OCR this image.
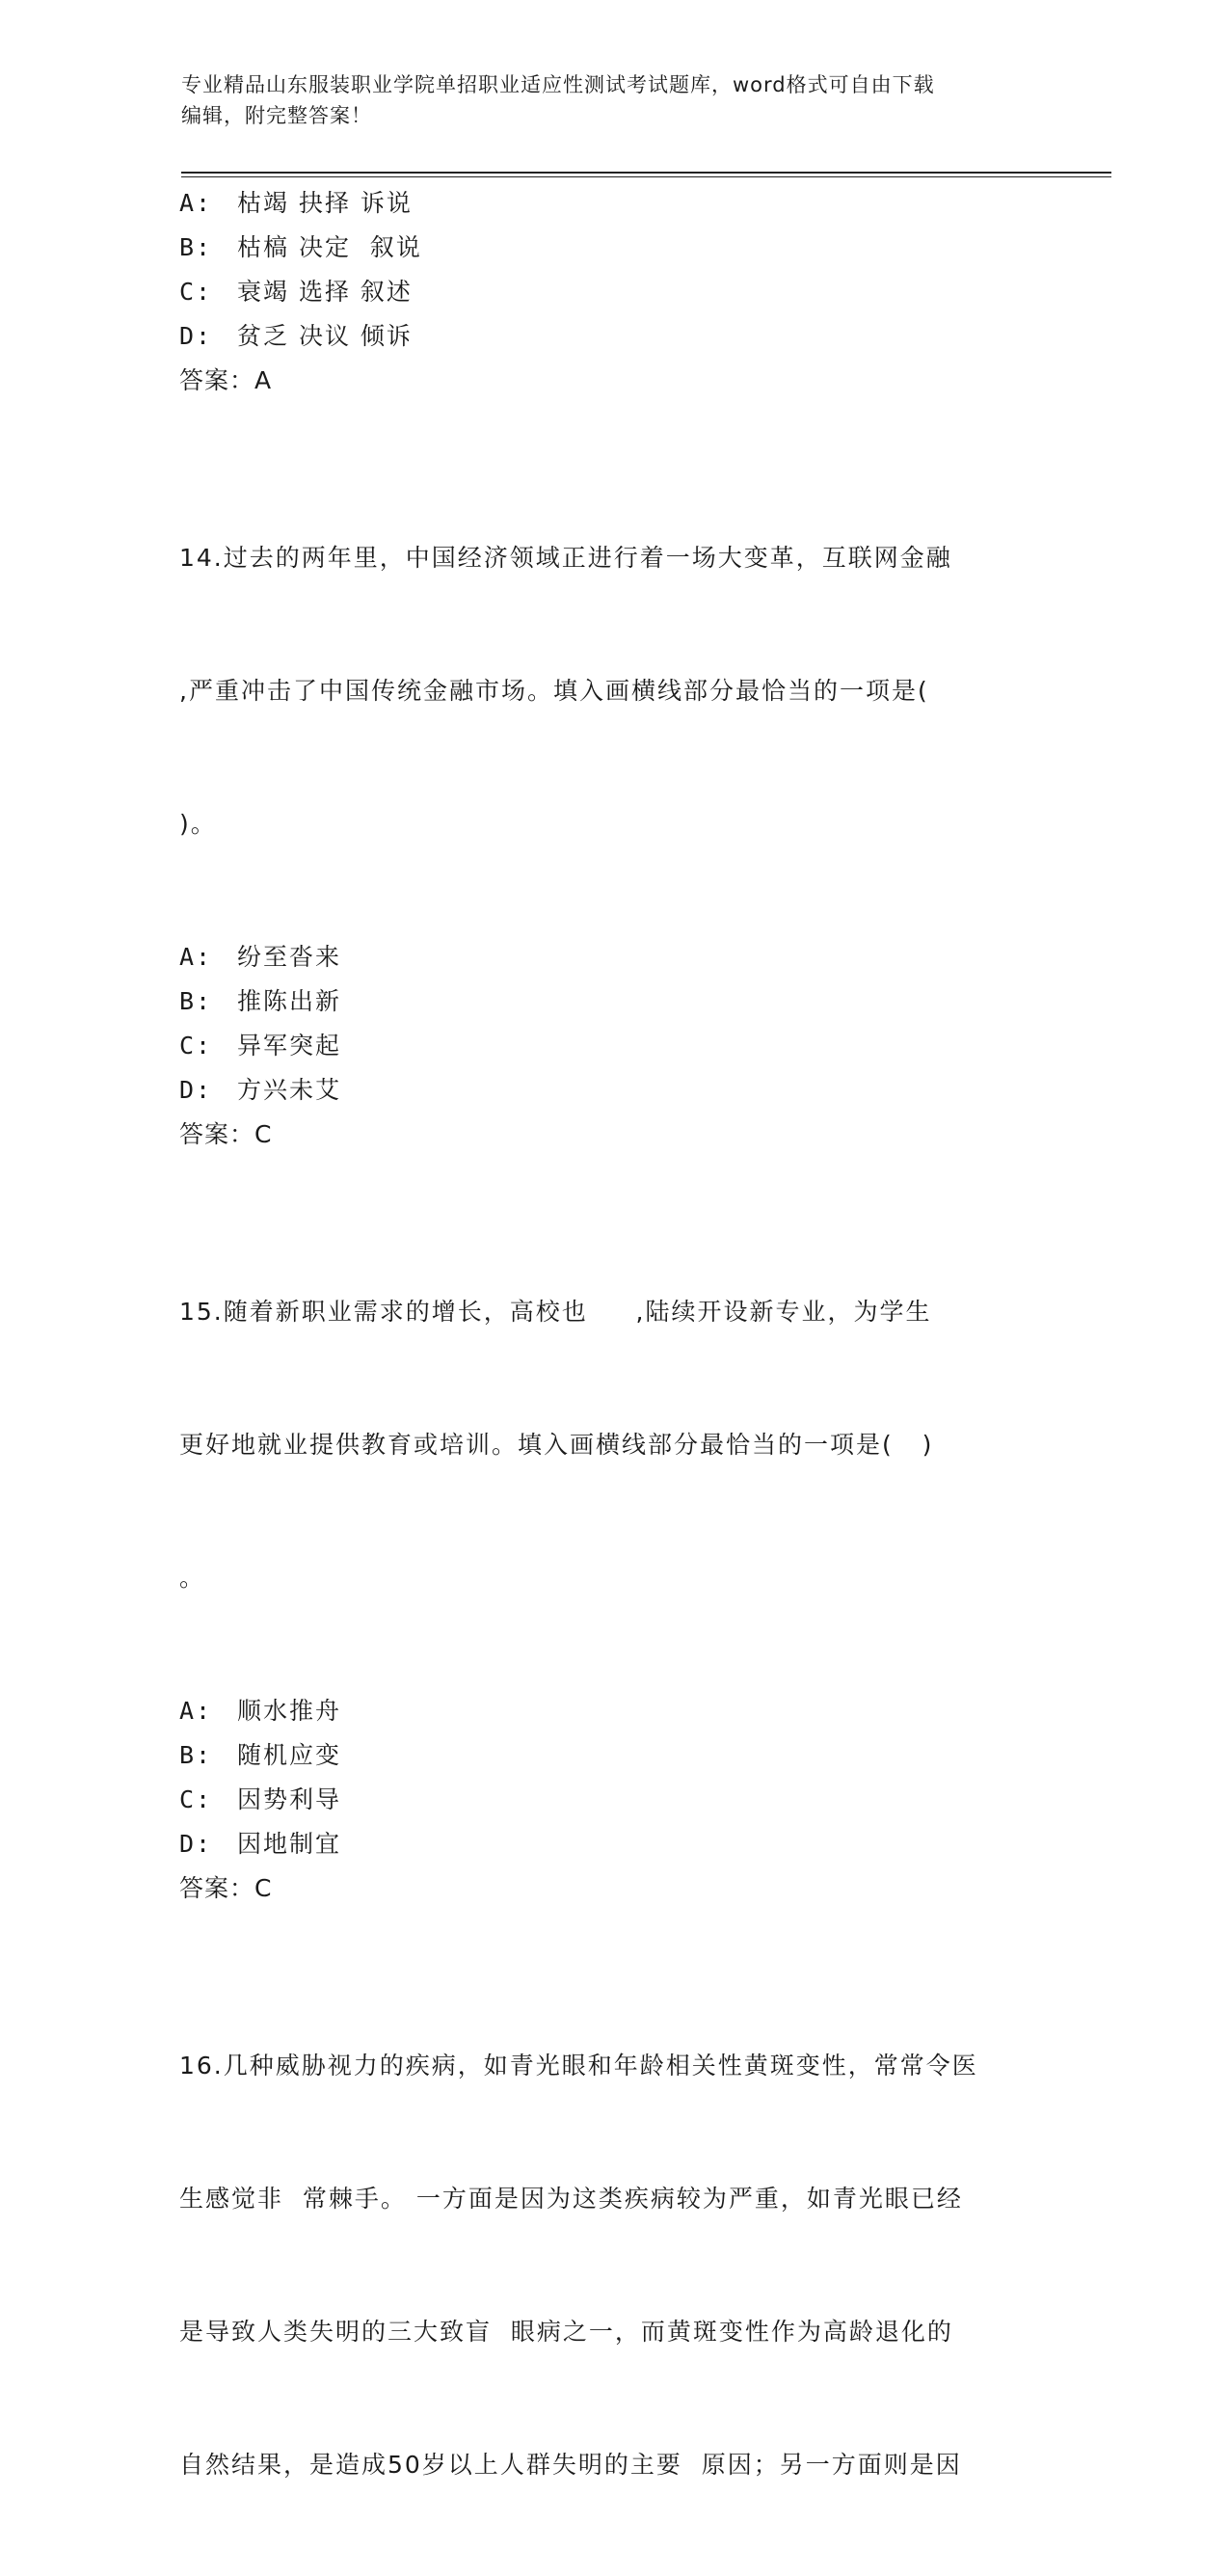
专业精品山东服装职业学院单招职业适应性测试考试题库，word格式可自由下载
编辑，附完整答案！
A: 枯竭 抉择 诉说
B: 枯槁 决定  叙说
C: 衰竭 选择 叙述
D: 贫乏 决议 倾诉
答案：A

14.过去的两年里，中国经济领域正进行着一场大变革，互联网金融

,严重冲击了中国传统金融市场。填入画横线部分最恰当的一项是(

)。

A: 纷至沓来
B: 推陈出新
C: 异军突起
D: 方兴未艾
答案：C

15.随着新职业需求的增长，高校也     ,陆续开设新专业，为学生

更好地就业提供教育或培训。填入画横线部分最恰当的一项是(   )

。

A: 顺水推舟
B: 随机应变
C: 因势利导
D: 因地制宜
答案：C

16.几种威胁视力的疾病，如青光眼和年龄相关性黄斑变性，常常令医

生感觉非  常棘手。 一方面是因为这类疾病较为严重，如青光眼已经

是导致人类失明的三大致盲  眼病之一，而黄斑变性作为高龄退化的

自然结果，是造成50岁以上人群失明的主要  原因；另一方面则是因
